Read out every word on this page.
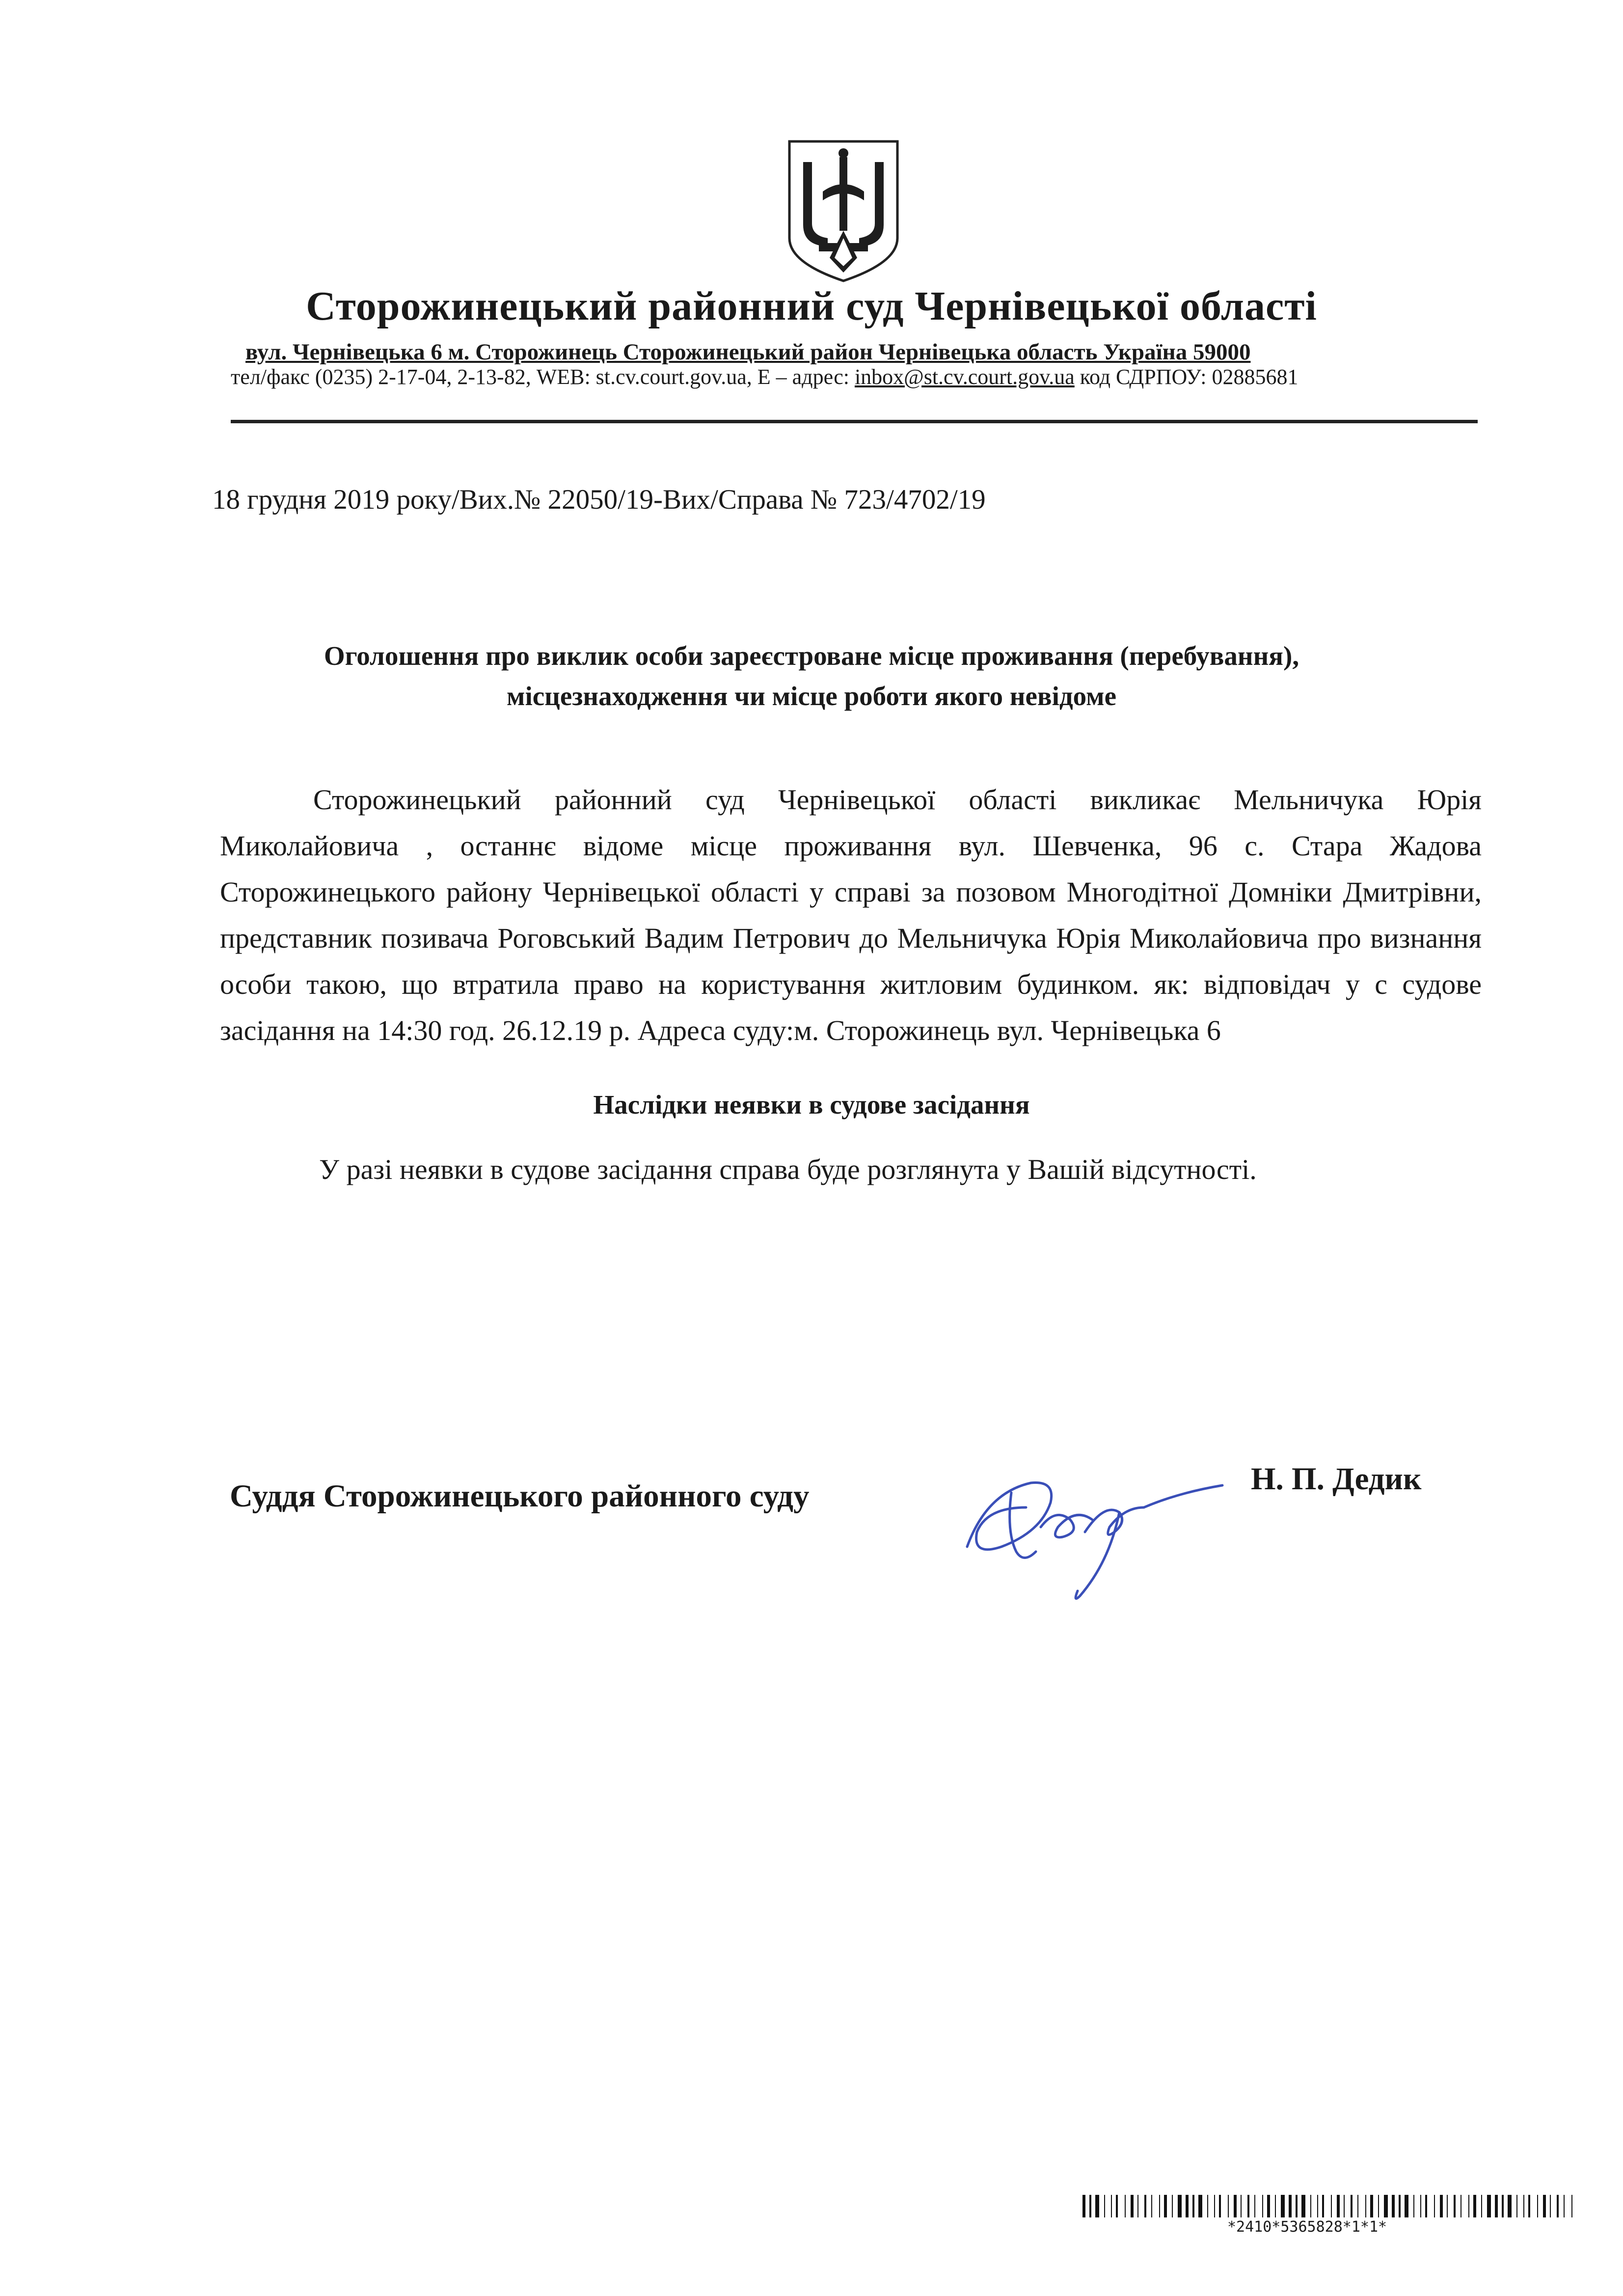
Сторожинецький районний суд Чернівецької області
вул. Чернівецька 6 м. Сторожинець Сторожинецький район Чернівецька область Україна 59000
тел/факс (0235) 2-17-04, 2-13-82, WEB: st.cv.court.gov.ua, E – адрес: inbox@st.cv.court.gov.ua код СДРПОУ: 02885681
18 грудня 2019 року/Вих.№ 22050/19-Вих/Справа № 723/4702/19
Оголошення про виклик особи зареєстроване місце проживання (перебування),
місцезнаходження чи місце роботи якого невідоме

Сторожинецький районний суд Чернівецької області викликає Мельничука Юрія Миколайовича , останнє відоме місце проживання вул. Шевченка, 96 с. Стара Жадова Сторожинецького району Чернівецької області у справі за позовом Многодітної Домніки Дмитрівни, представник позивача Роговський Вадим Петрович до Мельничука Юрія Миколайовича про визнання особи такою, що втратила право на користування житловим будинком. як: відповідач у с судове засідання на 14:30 год. 26.12.19 р. Адреса суду:м. Сторожинець вул. Чернівецька 6

Наслідки неявки в судове засідання
У разі неявки в судове засідання справа буде розглянута у Вашій відсутності.
Суддя Сторожинецького районного суду	Н. П. Дедик
*2410*5365828*1*1*
